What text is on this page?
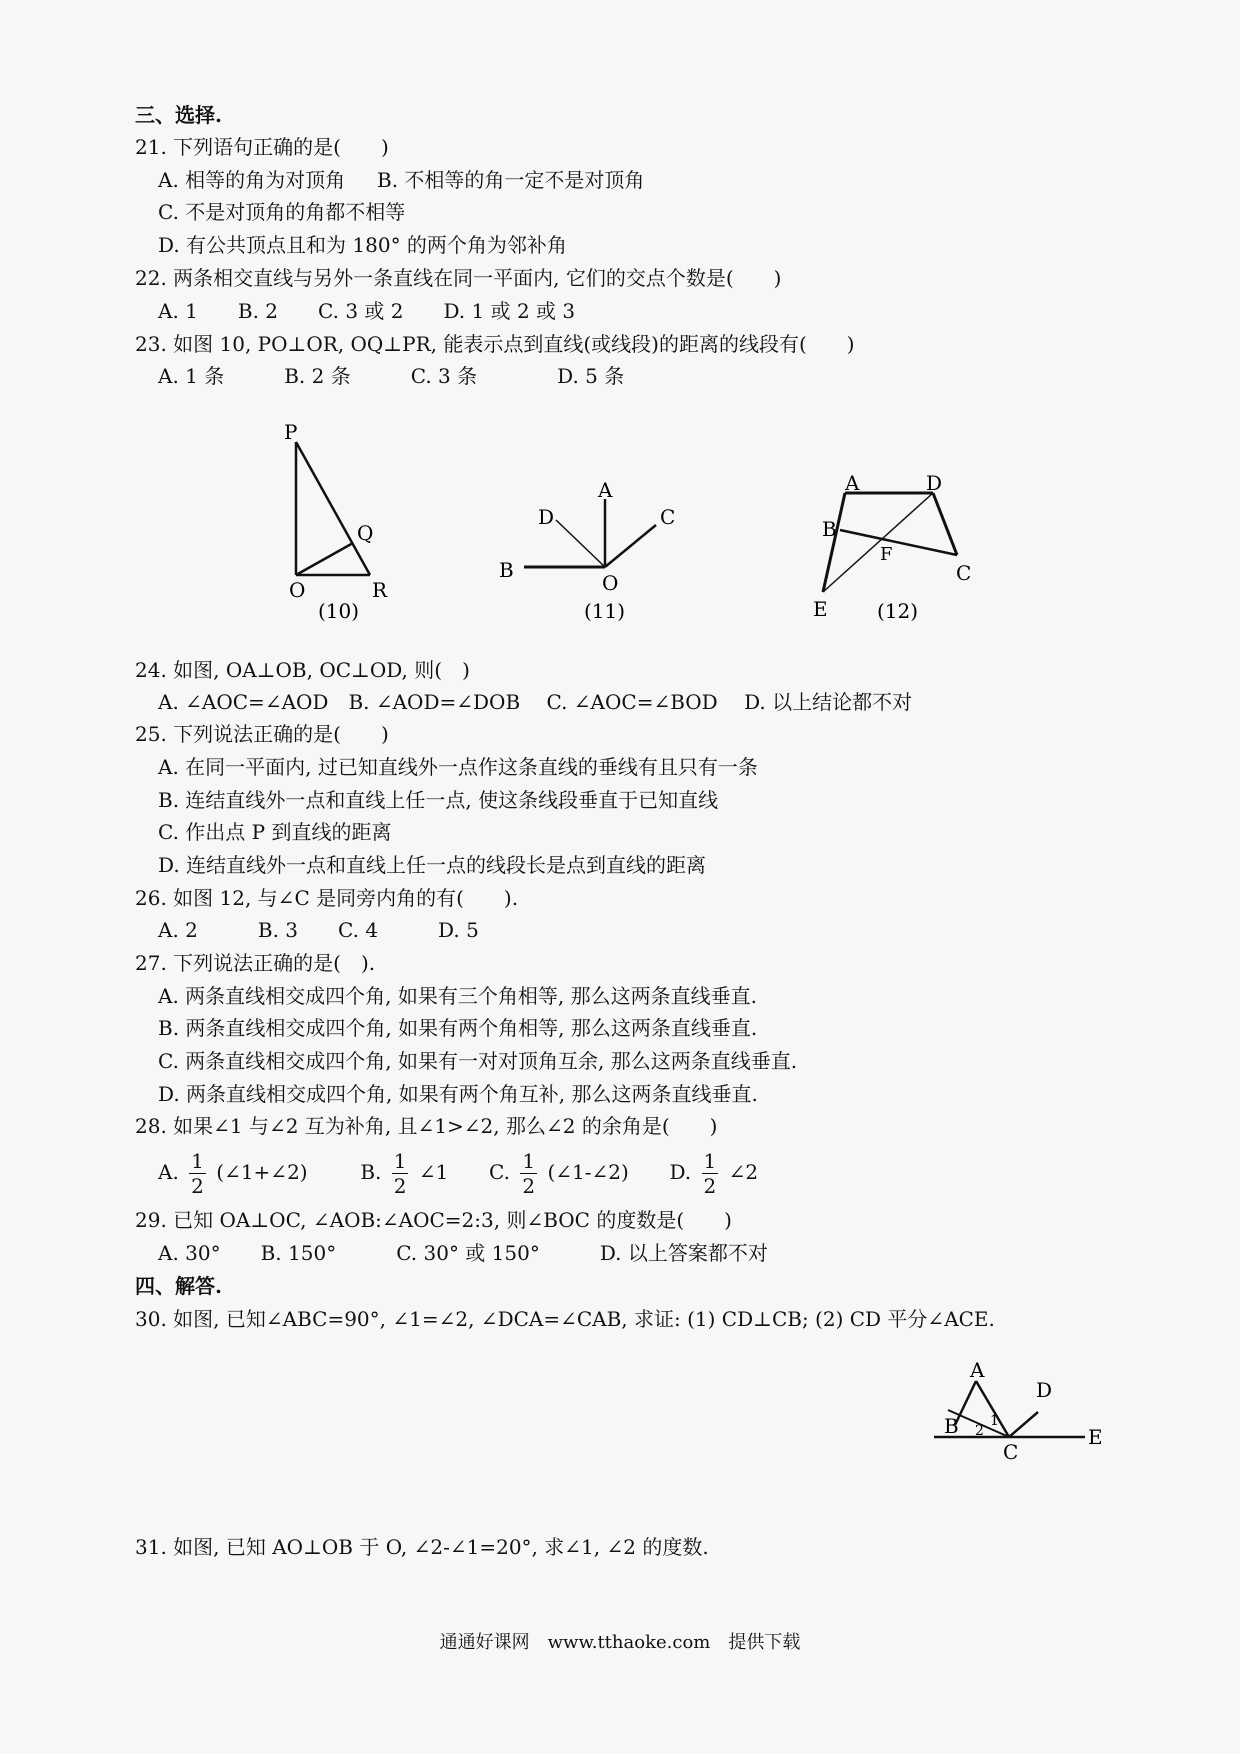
三、选择.
21. 下列语句正确的是(　　)
A. 相等的角为对顶角 B. 不相等的角一定不是对顶角
C. 不是对顶角的角都不相等
D. 有公共顶点且和为 180° 的两个角为邻补角
22. 两条相交直线与另外一条直线在同一平面内, 它们的交点个数是(　　)
A. 1　　B. 2　　C. 3 或 2　　D. 1 或 2 或 3
23. 如图 10, PO⊥OR, OQ⊥PR, 能表示点到直线(或线段)的距离的线段有(　　)
A. 1 条　　　B. 2 条　　　C. 3 条　　　　D. 5 条
P
Q
O	R
(10)
A
D	C
B
O
(11)
A	D
B
F
C
E (12)
24. 如图, OA⊥OB, OC⊥OD, 则(　)
A. ∠AOC=∠AOD　B. ∠AOD=∠DOB　 C. ∠AOC=∠BOD　 D. 以上结论都不对
25. 下列说法正确的是(　　)
A. 在同一平面内, 过已知直线外一点作这条直线的垂线有且只有一条
B. 连结直线外一点和直线上任一点, 使这条线段垂直于已知直线
C. 作出点 P 到直线的距离
D. 连结直线外一点和直线上任一点的线段长是点到直线的距离
26. 如图 12, 与∠C 是同旁内角的有(　　).
A. 2　　　B. 3　　C. 4　　　D. 5
27. 下列说法正确的是(　).
A. 两条直线相交成四个角, 如果有三个角相等, 那么这两条直线垂直.
B. 两条直线相交成四个角, 如果有两个角相等, 那么这两条直线垂直.
C. 两条直线相交成四个角, 如果有一对对顶角互余, 那么这两条直线垂直.
D. 两条直线相交成四个角, 如果有两个角互补, 那么这两条直线垂直.
28. 如果∠1 与∠2 互为补角, 且∠1>∠2, 那么∠2 的余角是(　　)
A. $\frac{1}{2}$ (∠1+∠2)	B. $\frac{1}{2}$ ∠1 C. $\frac{1}{2}$ (∠1-∠2) D. $\frac{1}{2}$ ∠2
29. 已知 OA⊥OC, ∠AOB:∠AOC=2:3, 则∠BOC 的度数是(　　)
A. 30°　　B. 150°　　　C. 30° 或 150°　　　D. 以上答案都不对
四、解答.
30. 如图, 已知∠ABC=90°, ∠1=∠2, ∠DCA=∠CAB, 求证: (1) CD⊥CB; (2) CD 平分∠ACE.
A
D
B 1
2
C
E
31. 如图, 已知 AO⊥OB 于 O, ∠2-∠1=20°, 求∠1, ∠2 的度数.
通通好课网　www.tthaoke.com　提供下载
